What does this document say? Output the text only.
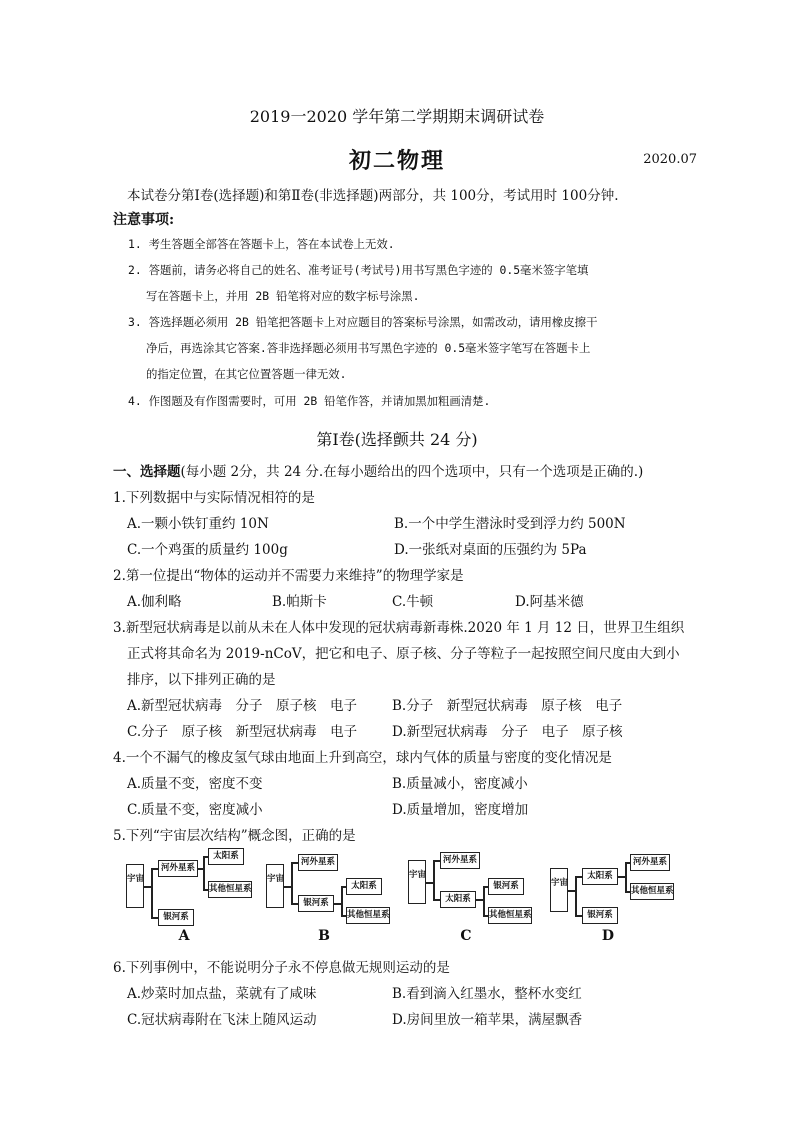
2019一2020 学年第二学期期末调研试卷
初二物理	2020.07
本试卷分第Ⅰ卷(选择题)和第Ⅱ卷(非选择题)两部分，共 100分，考试用时 100分钟.
注意事项:
1. 考生答题全部答在答题卡上，答在本试卷上无效.
2. 答题前，请务必将自己的姓名、准考证号(考试号)用书写黑色字迹的 0.5毫米签字笔填
写在答题卡上，并用 2B 铅笔将对应的数字标号涂黑.
3. 答选择题必须用 2B 铅笔把答题卡上对应题目的答案标号涂黑，如需改动，请用橡皮擦干
净后，再选涂其它答案.答非选择题必须用书写黑色字迹的 0.5毫米签字笔写在答题卡上
的指定位置，在其它位置答题一律无效.
4. 作图题及有作图需要时，可用 2B 铅笔作答，并请加黑加粗画清楚.
第Ⅰ卷(选择颤共 24 分)
一、选择题(每小题 2分，共 24 分.在每小题给出的四个选项中，只有一个选项是正确的.)
1.下列数据中与实际情况相符的是
A.一颗小铁钉重约 10N	B.一个中学生潜泳时受到浮力约 500N
C.一个鸡蛋的质量约 100g	D.一张纸对桌面的压强约为 5Pa
2.第一位提出“物体的运动并不需要力来维持”的物理学家是
A.伽利略	B.帕斯卡	C.牛顿	D.阿基米德
3.新型冠状病毒是以前从未在人体中发现的冠状病毒新毒株.2020 年 1 月 12 日，世界卫生组织
正式将其命名为 2019-nCoV，把它和电子、原子核、分子等粒子一起按照空间尺度由大到小
排序，以下排列正确的是
A.新型冠状病毒　分子　原子核　电子	B.分子　新型冠状病毒　原子核　电子
C.分子　原子核　新型冠状病毒　电子	D.新型冠状病毒　分子　电子　原子核
4.一个不漏气的橡皮氢气球由地面上升到高空，球内气体的质量与密度的变化情况是
A.质量不变，密度不变	B.质量减小，密度减小
C.质量不变，密度减小	D.质量增加，密度增加
5.下列“宇宙层次结构”概念图，正确的是
宇宙
河外星系
银河系
太阳系
其他恒星系
A
宇宙
河外星系
银河系
太阳系
其他恒星系
B
宇宙
河外星系
太阳系
银河系
其他恒星系
C
宇宙
太阳系
银河系
河外星系
其他恒星系
D
6.下列事例中，不能说明分子永不停息做无规则运动的是
A.炒菜时加点盐，菜就有了咸味	B.看到滴入红墨水，整杯水变红
C.冠状病毒附在飞沫上随风运动	D.房间里放一箱苹果，满屋飘香
